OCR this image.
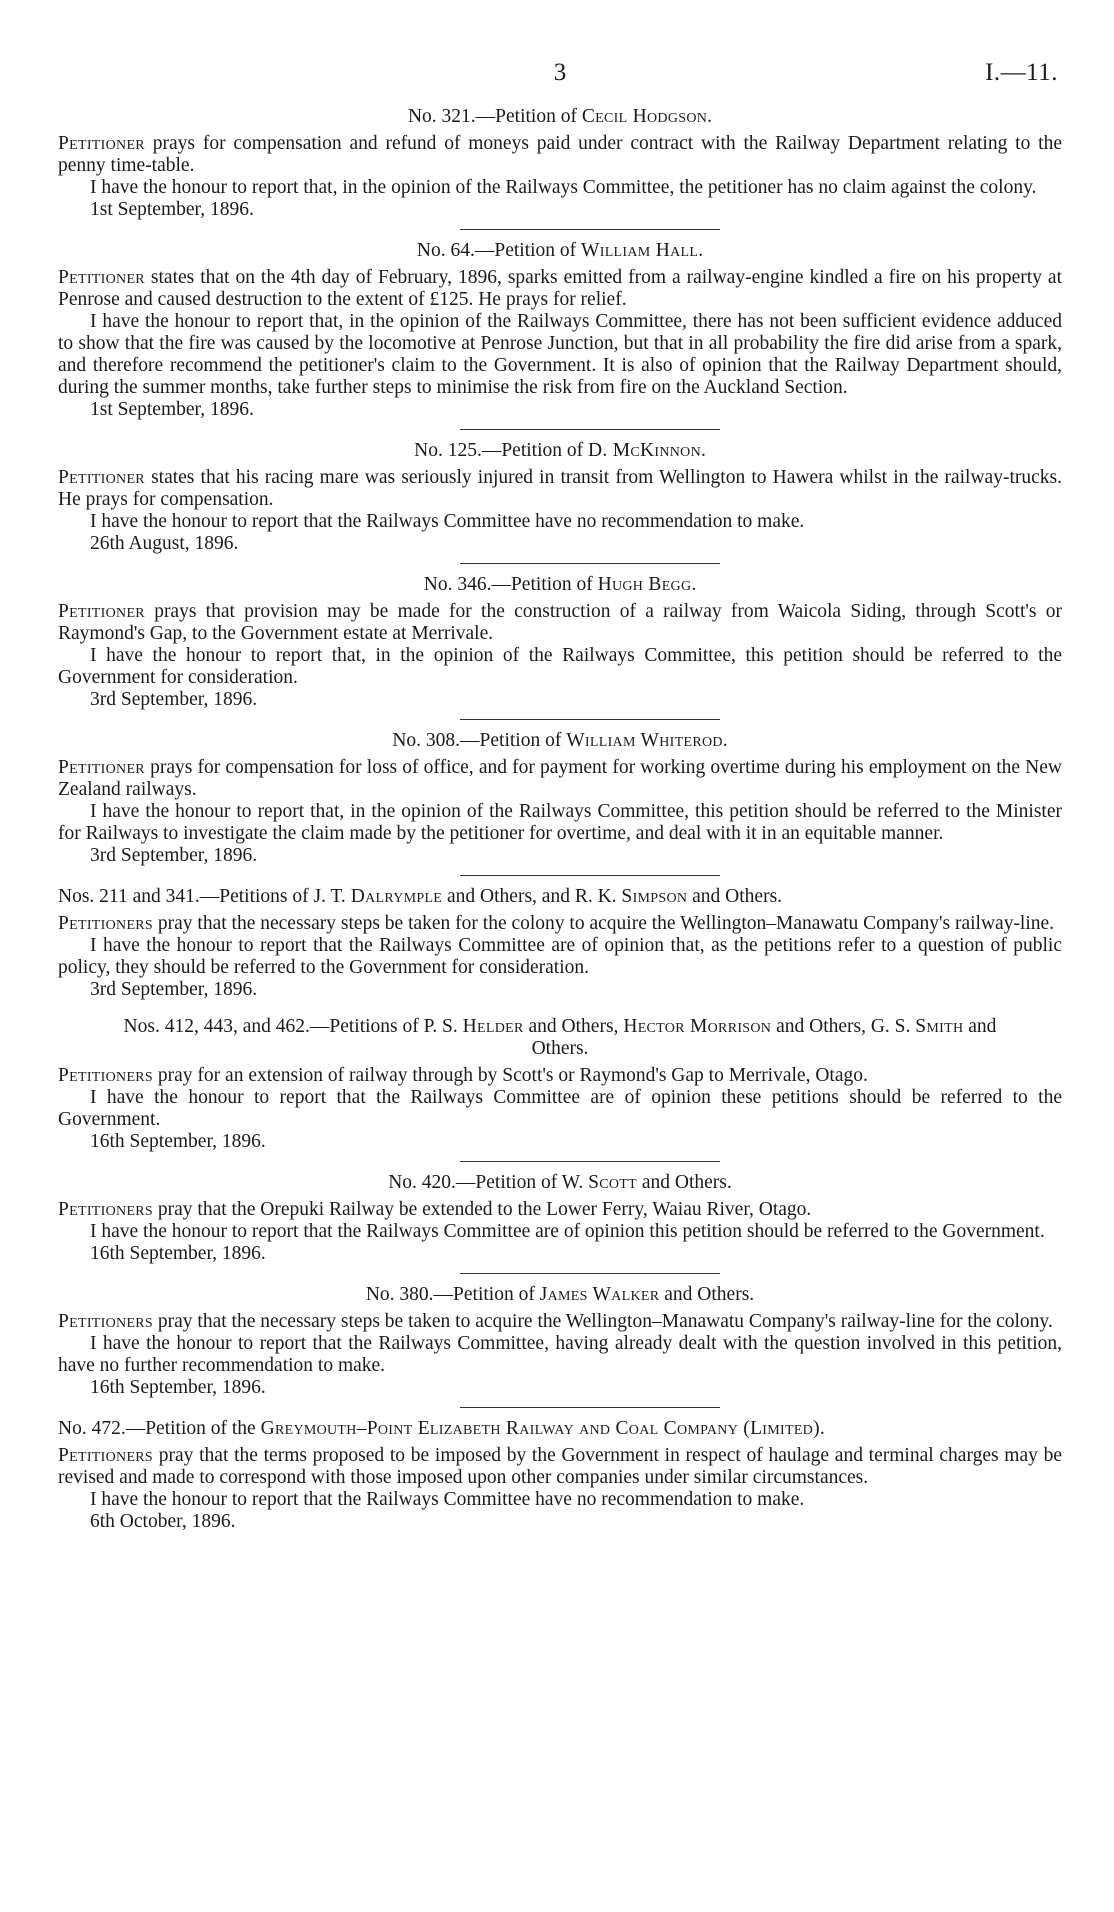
3	I.—11.
No. 321.—Petition of Cecil Hodgson.

Petitioner prays for compensation and refund of moneys paid under contract with the Railway Department relating to the penny time-table.

I have the honour to report that, in the opinion of the Railways Committee, the petitioner has no claim against the colony.

1st September, 1896.
No. 64.—Petition of William Hall.

Petitioner states that on the 4th day of February, 1896, sparks emitted from a railway-engine kindled a fire on his property at Penrose and caused destruction to the extent of £125. He prays for relief.

I have the honour to report that, in the opinion of the Railways Committee, there has not been sufficient evidence adduced to show that the fire was caused by the locomotive at Penrose Junction, but that in all probability the fire did arise from a spark, and therefore recommend the petitioner's claim to the Government. It is also of opinion that the Railway Department should, during the summer months, take further steps to minimise the risk from fire on the Auckland Section.

1st September, 1896.
No. 125.—Petition of D. McKinnon.

Petitioner states that his racing mare was seriously injured in transit from Wellington to Hawera whilst in the railway-trucks. He prays for compensation.

I have the honour to report that the Railways Committee have no recommendation to make.

26th August, 1896.
No. 346.—Petition of Hugh Begg.

Petitioner prays that provision may be made for the construction of a railway from Waicola Siding, through Scott's or Raymond's Gap, to the Government estate at Merrivale.

I have the honour to report that, in the opinion of the Railways Committee, this petition should be referred to the Government for consideration.

3rd September, 1896.
No. 308.—Petition of William Whiterod.

Petitioner prays for compensation for loss of office, and for payment for working overtime during his employment on the New Zealand railways.

I have the honour to report that, in the opinion of the Railways Committee, this petition should be referred to the Minister for Railways to investigate the claim made by the petitioner for overtime, and deal with it in an equitable manner.

3rd September, 1896.
Nos. 211 and 341.—Petitions of J. T. Dalrymple and Others, and R. K. Simpson and Others.

Petitioners pray that the necessary steps be taken for the colony to acquire the Wellington–Manawatu Company's railway-line.

I have the honour to report that the Railways Committee are of opinion that, as the petitions refer to a question of public policy, they should be referred to the Government for consideration.

3rd September, 1896.
Nos. 412, 443, and 462.—Petitions of P. S. Helder and Others, Hector Morrison and Others, G. S. Smith and Others.

Petitioners pray for an extension of railway through by Scott's or Raymond's Gap to Merrivale, Otago.

I have the honour to report that the Railways Committee are of opinion these petitions should be referred to the Government.

16th September, 1896.
No. 420.—Petition of W. Scott and Others.

Petitioners pray that the Orepuki Railway be extended to the Lower Ferry, Waiau River, Otago.

I have the honour to report that the Railways Committee are of opinion this petition should be referred to the Government.

16th September, 1896.
No. 380.—Petition of James Walker and Others.

Petitioners pray that the necessary steps be taken to acquire the Wellington–Manawatu Company's railway-line for the colony.

I have the honour to report that the Railways Committee, having already dealt with the question involved in this petition, have no further recommendation to make.

16th September, 1896.
No. 472.—Petition of the Greymouth–Point Elizabeth Railway and Coal Company (Limited).

Petitioners pray that the terms proposed to be imposed by the Government in respect of haulage and terminal charges may be revised and made to correspond with those imposed upon other companies under similar circumstances.

I have the honour to report that the Railways Committee have no recommendation to make.

6th October, 1896.
